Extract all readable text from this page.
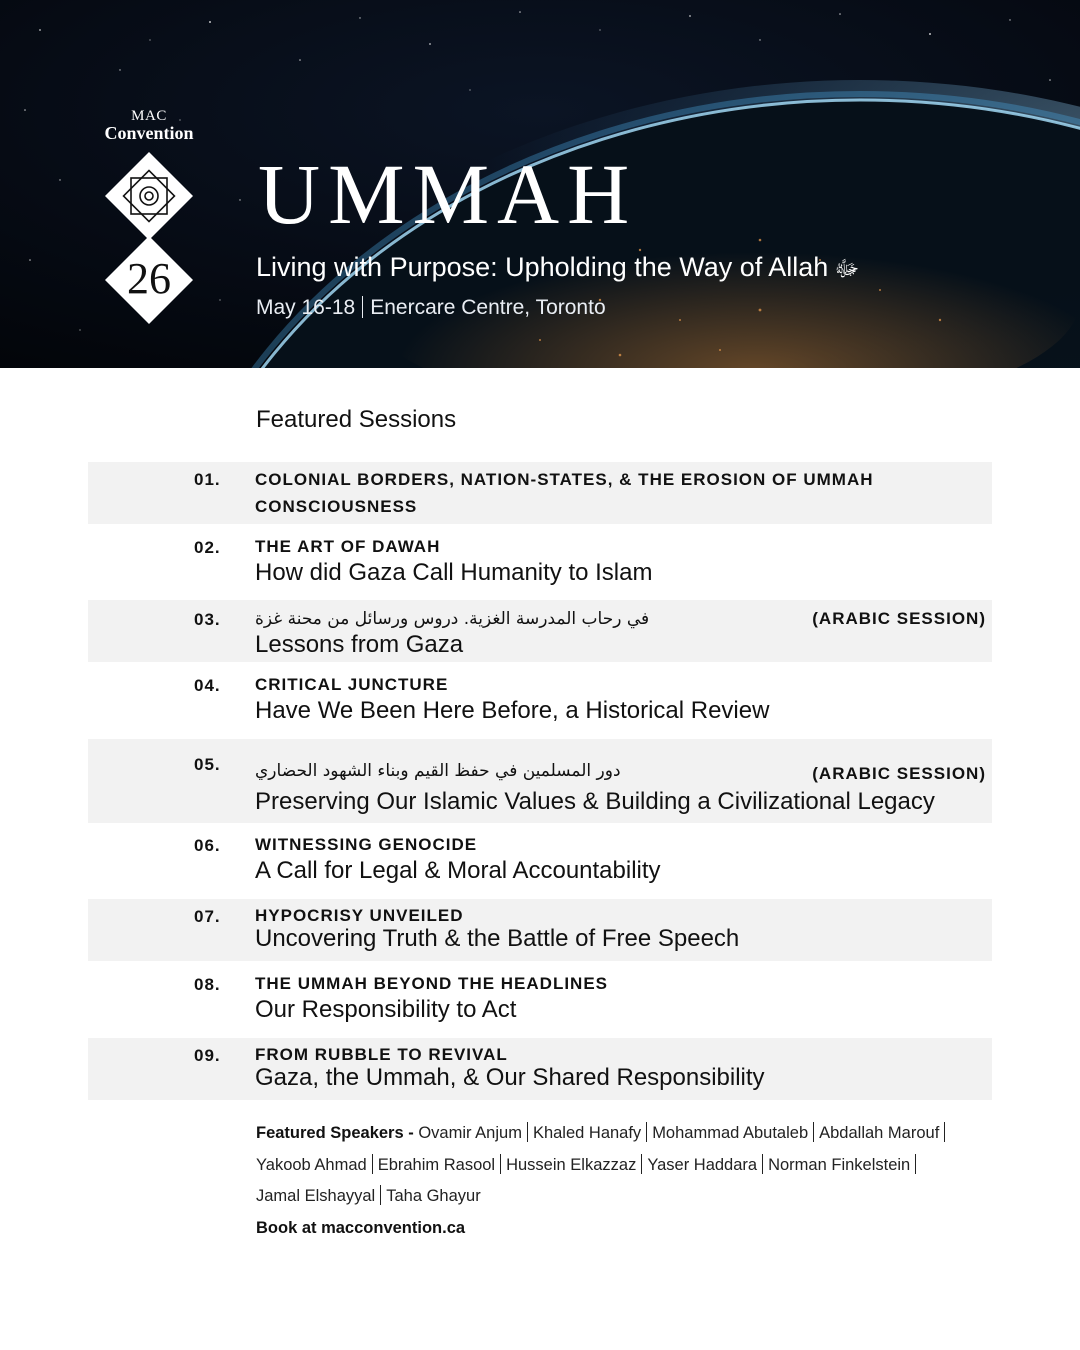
MAC
Convention
26
UMMAH
Living with Purpose: Upholding the Way of Allah ﷻ
May 16-18 Enercare Centre, Toronto
Featured Sessions
01. COLONIAL BORDERS, NATION-STATES, & THE EROSION OF UMMAH CONSCIOUSNESS
02. THE ART OF DAWAH
How did Gaza Call Humanity to Islam
03. في رحاب المدرسة الغزية. دروس ورسائل من محنة غزة	(ARABIC SESSION)
Lessons from Gaza
04. CRITICAL JUNCTURE
Have We Been Here Before, a Historical Review
05. دور المسلمين في حفظ القيم وبناء الشهود الحضاري	(ARABIC SESSION)
Preserving Our Islamic Values & Building a Civilizational Legacy
06. WITNESSING GENOCIDE
A Call for Legal & Moral Accountability
07. HYPOCRISY UNVEILED
Uncovering Truth & the Battle of Free Speech
08. THE UMMAH BEYOND THE HEADLINES
Our Responsibility to Act
09. FROM RUBBLE TO REVIVAL
Gaza, the Ummah, & Our Shared Responsibility
Featured Speakers - Ovamir Anjum Khaled Hanafy Mohammad Abutaleb Abdallah Marouf
Yakoob Ahmad Ebrahim Rasool Hussein Elkazzaz Yaser Haddara Norman Finkelstein
Jamal Elshayyal Taha Ghayur
Book at macconvention.ca
